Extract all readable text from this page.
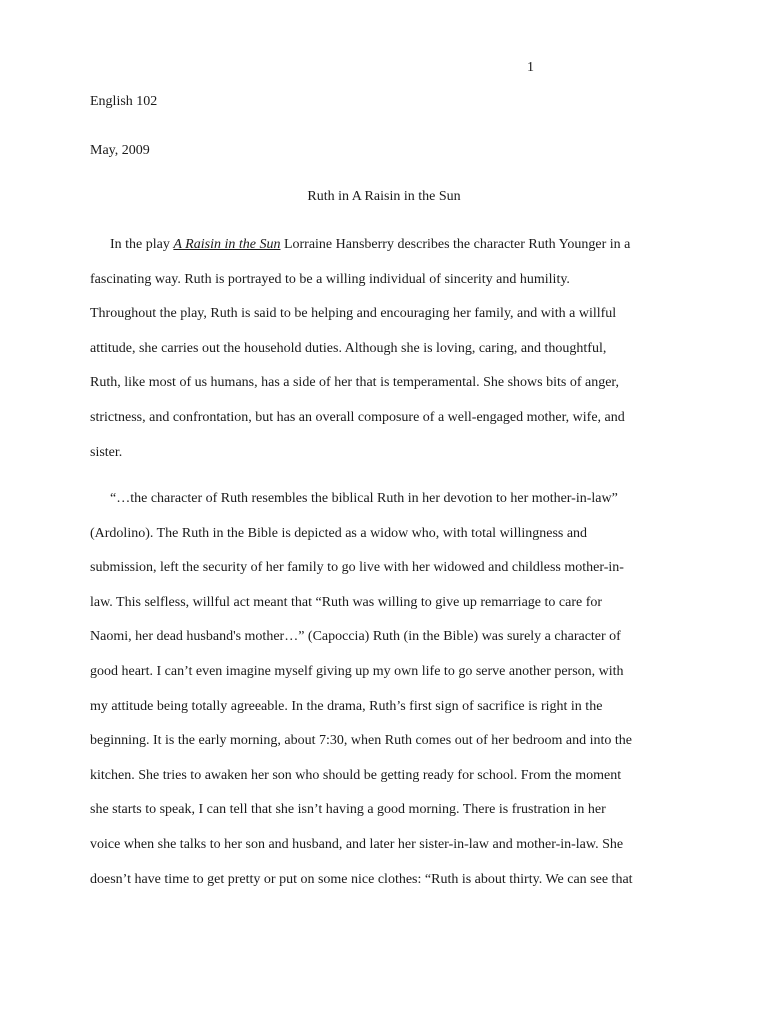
1
English 102
May, 2009
Ruth in A Raisin in the Sun
In the play A Raisin in the Sun Lorraine Hansberry describes the character Ruth Younger in a
fascinating way. Ruth is portrayed to be a willing individual of sincerity and humility.
Throughout the play, Ruth is said to be helping and encouraging her family, and with a willful
attitude, she carries out the household duties. Although she is loving, caring, and thoughtful,
Ruth, like most of us humans, has a side of her that is temperamental. She shows bits of anger,
strictness, and confrontation, but has an overall composure of a well-engaged mother, wife, and
sister.
“…the character of Ruth resembles the biblical Ruth in her devotion to her mother-in-law”
(Ardolino). The Ruth in the Bible is depicted as a widow who, with total willingness and
submission, left the security of her family to go live with her widowed and childless mother-in-
law. This selfless, willful act meant that “Ruth was willing to give up remarriage to care for
Naomi, her dead husband's mother…” (Capoccia) Ruth (in the Bible) was surely a character of
good heart. I can’t even imagine myself giving up my own life to go serve another person, with
my attitude being totally agreeable. In the drama, Ruth’s first sign of sacrifice is right in the
beginning. It is the early morning, about 7:30, when Ruth comes out of her bedroom and into the
kitchen. She tries to awaken her son who should be getting ready for school. From the moment
she starts to speak, I can tell that she isn’t having a good morning. There is frustration in her
voice when she talks to her son and husband, and later her sister-in-law and mother-in-law. She
doesn’t have time to get pretty or put on some nice clothes: “Ruth is about thirty. We can see that
